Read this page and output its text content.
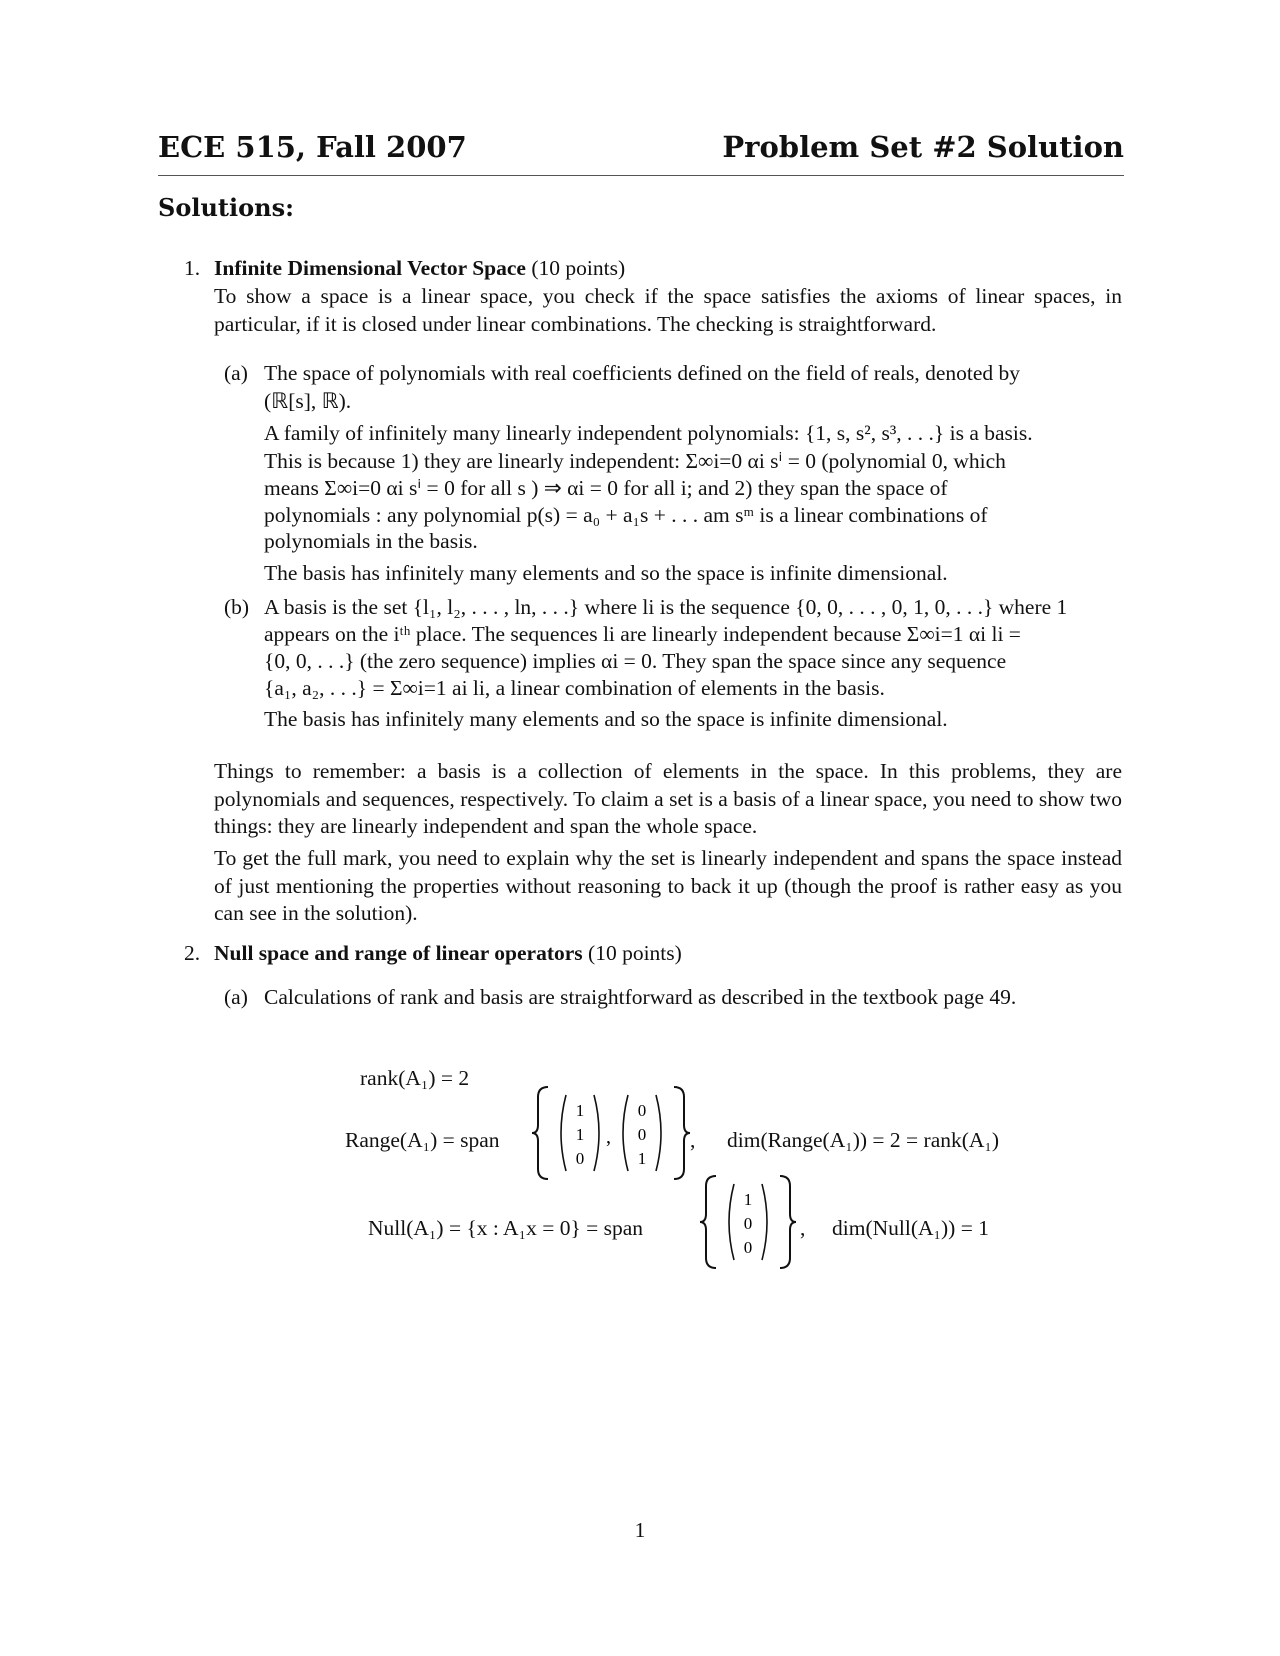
ECE 515, Fall 2007	Problem Set #2 Solution
Solutions:
1. Infinite Dimensional Vector Space (10 points)

To show a space is a linear space, you check if the space satisfies the axioms of linear spaces, in particular, if it is closed under linear combinations. The checking is straightforward.

(a) The space of polynomials with real coefficients defined on the field of reals, denoted by
(ℝ[s], ℝ).
A family of infinitely many linearly independent polynomials: {1, s, s², s³, . . .} is a basis.
This is because 1) they are linearly independent: Σ∞i=0 αi sⁱ = 0 (polynomial 0, which
means Σ∞i=0 αi sⁱ = 0 for all s ) ⇒ αi = 0 for all i; and 2) they span the space of
polynomials : any polynomial p(s) = a₀ + a₁s + . . . am sᵐ is a linear combinations of
polynomials in the basis.
The basis has infinitely many elements and so the space is infinite dimensional.
(b) A basis is the set {l₁, l₂, . . . , ln, . . .} where li is the sequence {0, 0, . . . , 0, 1, 0, . . .} where 1
appears on the iᵗʰ place. The sequences li are linearly independent because Σ∞i=1 αi li =
{0, 0, . . .} (the zero sequence) implies αi = 0. They span the space since any sequence
{a₁, a₂, . . .} = Σ∞i=1 ai li, a linear combination of elements in the basis.
The basis has infinitely many elements and so the space is infinite dimensional.

Things to remember: a basis is a collection of elements in the space. In this problems, they are polynomials and sequences, respectively. To claim a set is a basis of a linear space, you need to show two things: they are linearly independent and span the whole space.

To get the full mark, you need to explain why the set is linearly independent and spans the space instead of just mentioning the properties without reasoning to back it up (though the proof is rather easy as you can see in the solution).

2. Null space and range of linear operators (10 points)
(a) Calculations of rank and basis are straightforward as described in the textbook page 49.
rank(A₁) = 2
Range(A₁) = span
1
1
0
,
0
0
1
, dim(Range(A₁)) = 2 = rank(A₁)
Null(A₁) = {x : A₁x = 0} = span
1
0
0
, dim(Null(A₁)) = 1
1
